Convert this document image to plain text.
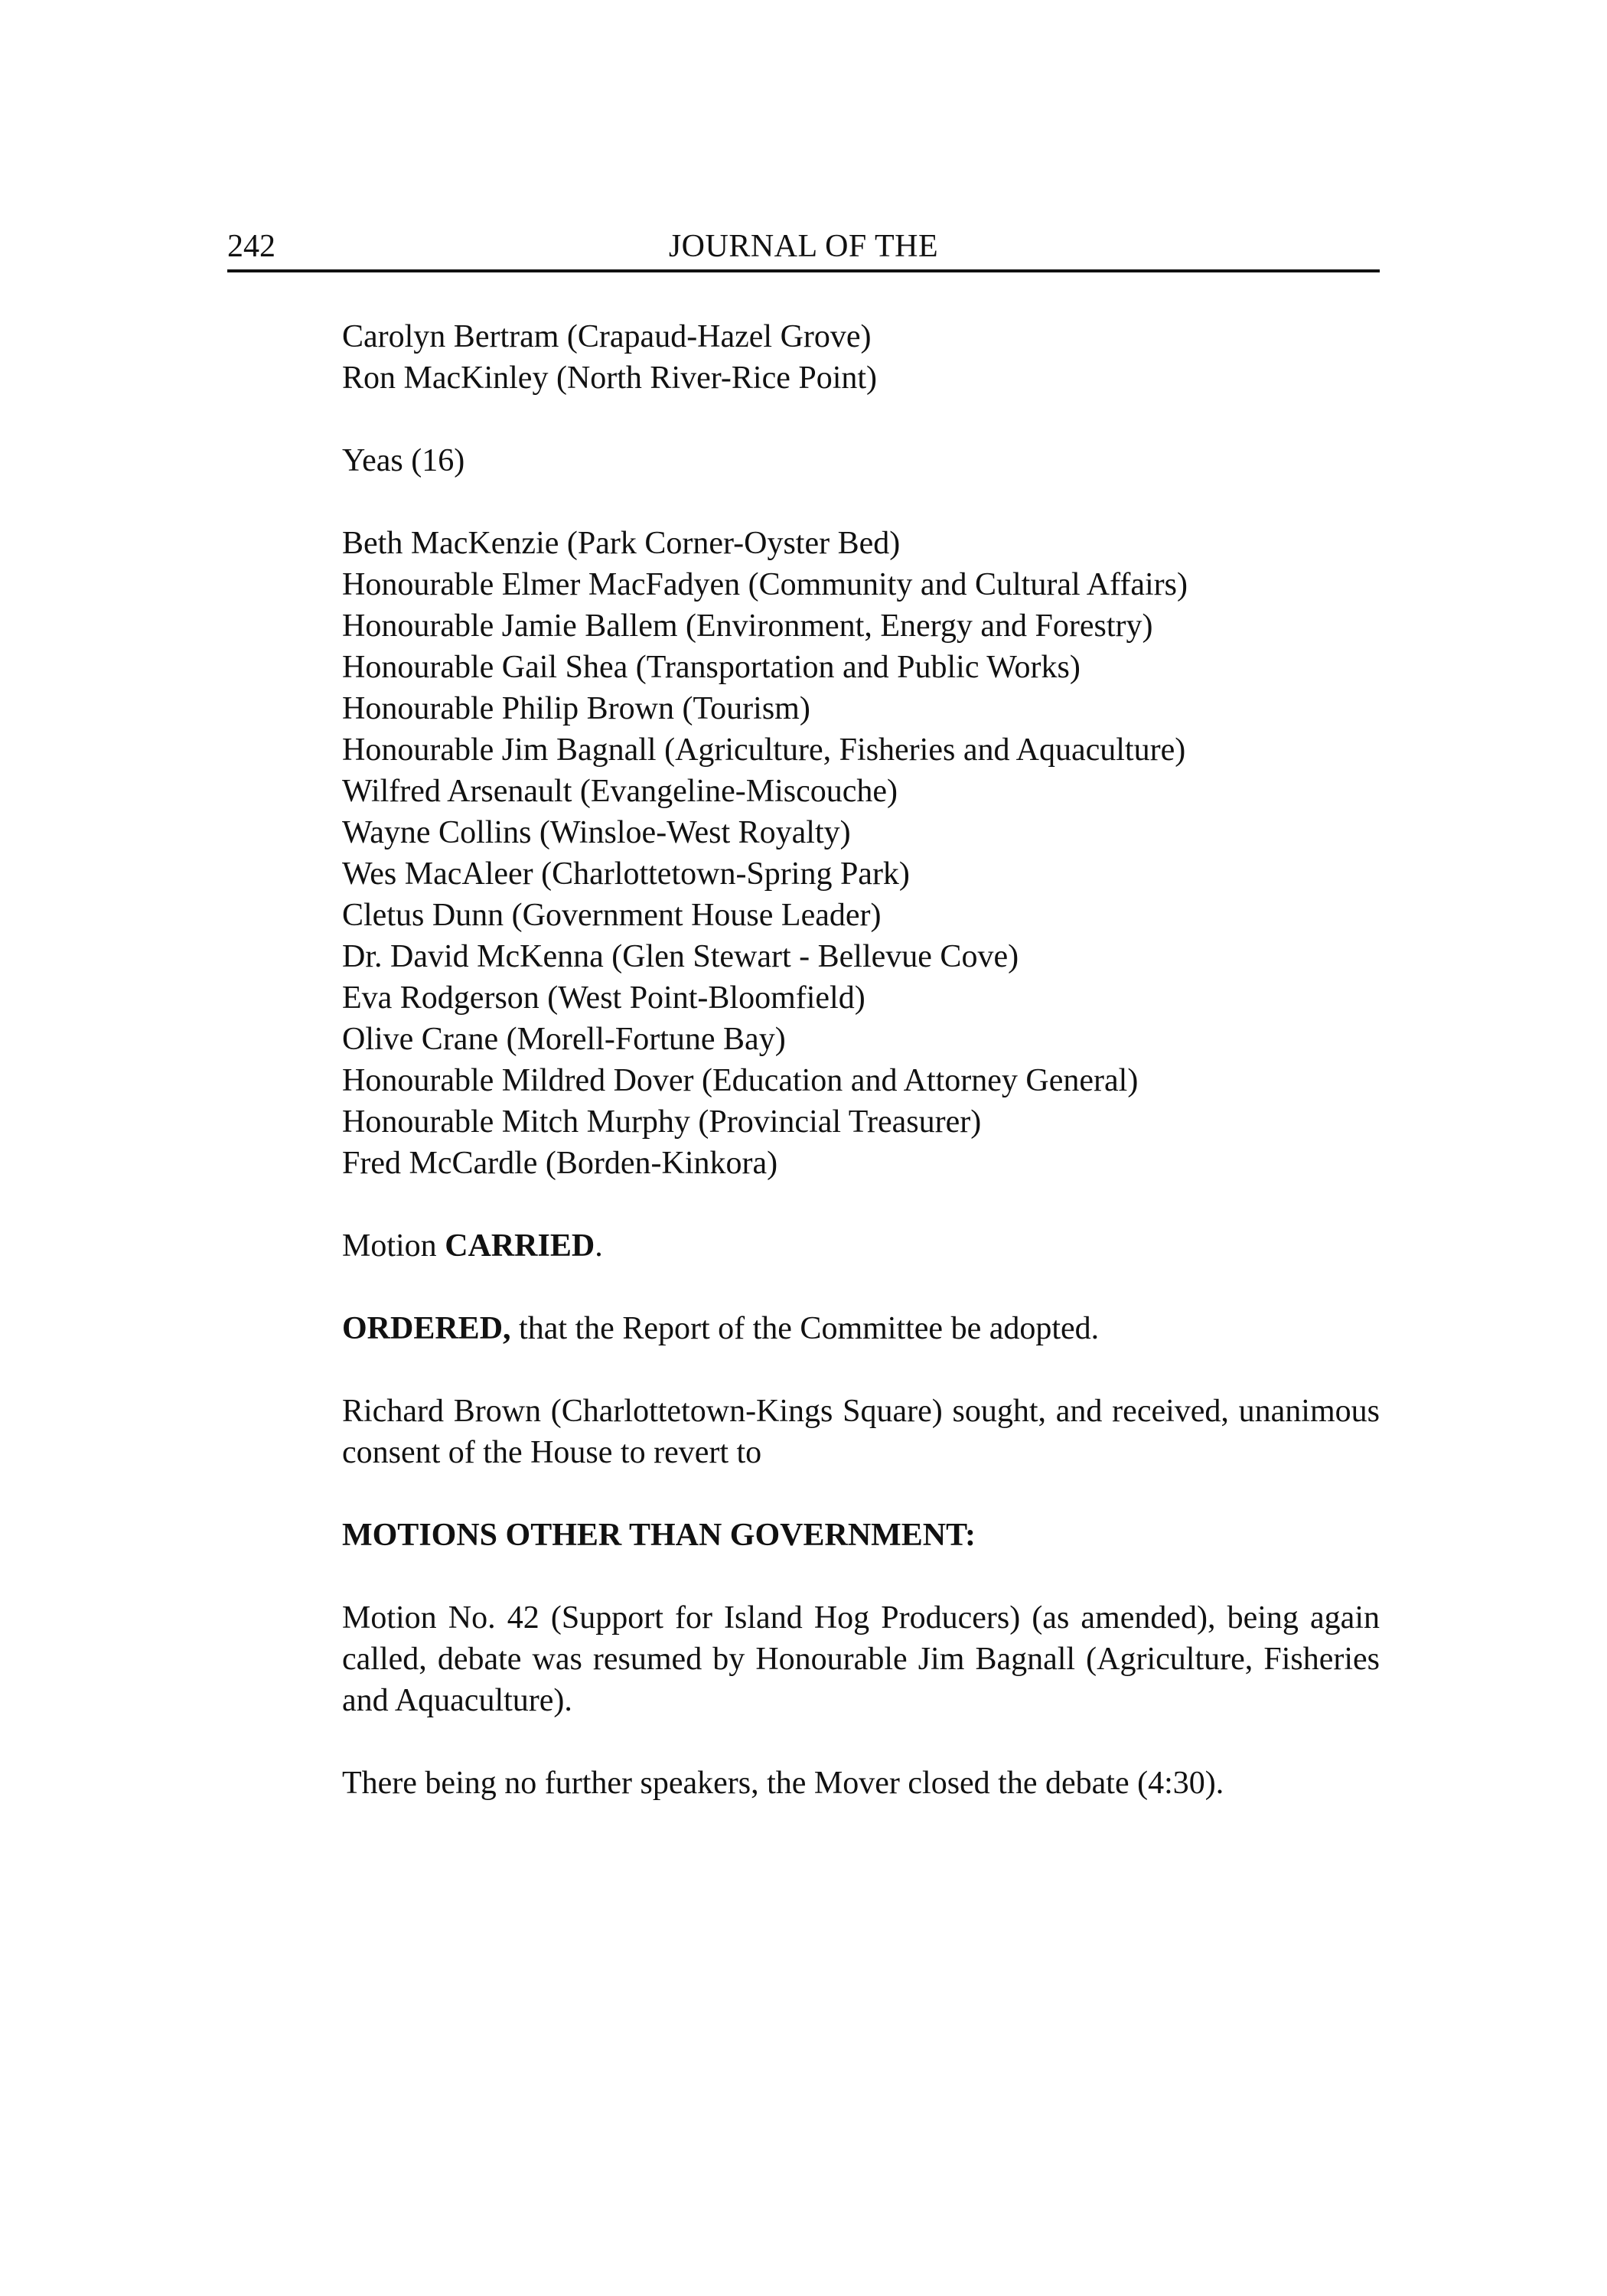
242	JOURNAL OF THE
Carolyn Bertram (Crapaud-Hazel Grove)
Ron MacKinley (North River-Rice Point)
Yeas (16)
Beth MacKenzie (Park Corner-Oyster Bed)
Honourable Elmer MacFadyen (Community and Cultural Affairs)
Honourable Jamie Ballem (Environment, Energy and Forestry)
Honourable Gail Shea (Transportation and Public Works)
Honourable Philip Brown (Tourism)
Honourable Jim Bagnall (Agriculture, Fisheries and Aquaculture)
Wilfred Arsenault (Evangeline-Miscouche)
Wayne Collins (Winsloe-West Royalty)
Wes MacAleer (Charlottetown-Spring Park)
Cletus Dunn (Government House Leader)
Dr. David McKenna (Glen Stewart - Bellevue Cove)
Eva Rodgerson (West Point-Bloomfield)
Olive Crane (Morell-Fortune Bay)
Honourable Mildred Dover (Education and Attorney General)
Honourable Mitch Murphy (Provincial Treasurer)
Fred McCardle (Borden-Kinkora)
Motion CARRIED.
ORDERED, that the Report of the Committee be adopted.

Richard Brown (Charlottetown-Kings Square) sought, and received, unanimous consent of the House to revert to

MOTIONS OTHER THAN GOVERNMENT:

Motion No. 42 (Support for Island Hog Producers) (as amended), being again called, debate was resumed by Honourable Jim Bagnall (Agriculture, Fisheries and Aquaculture).

There being no further speakers, the Mover closed the debate (4:30).
